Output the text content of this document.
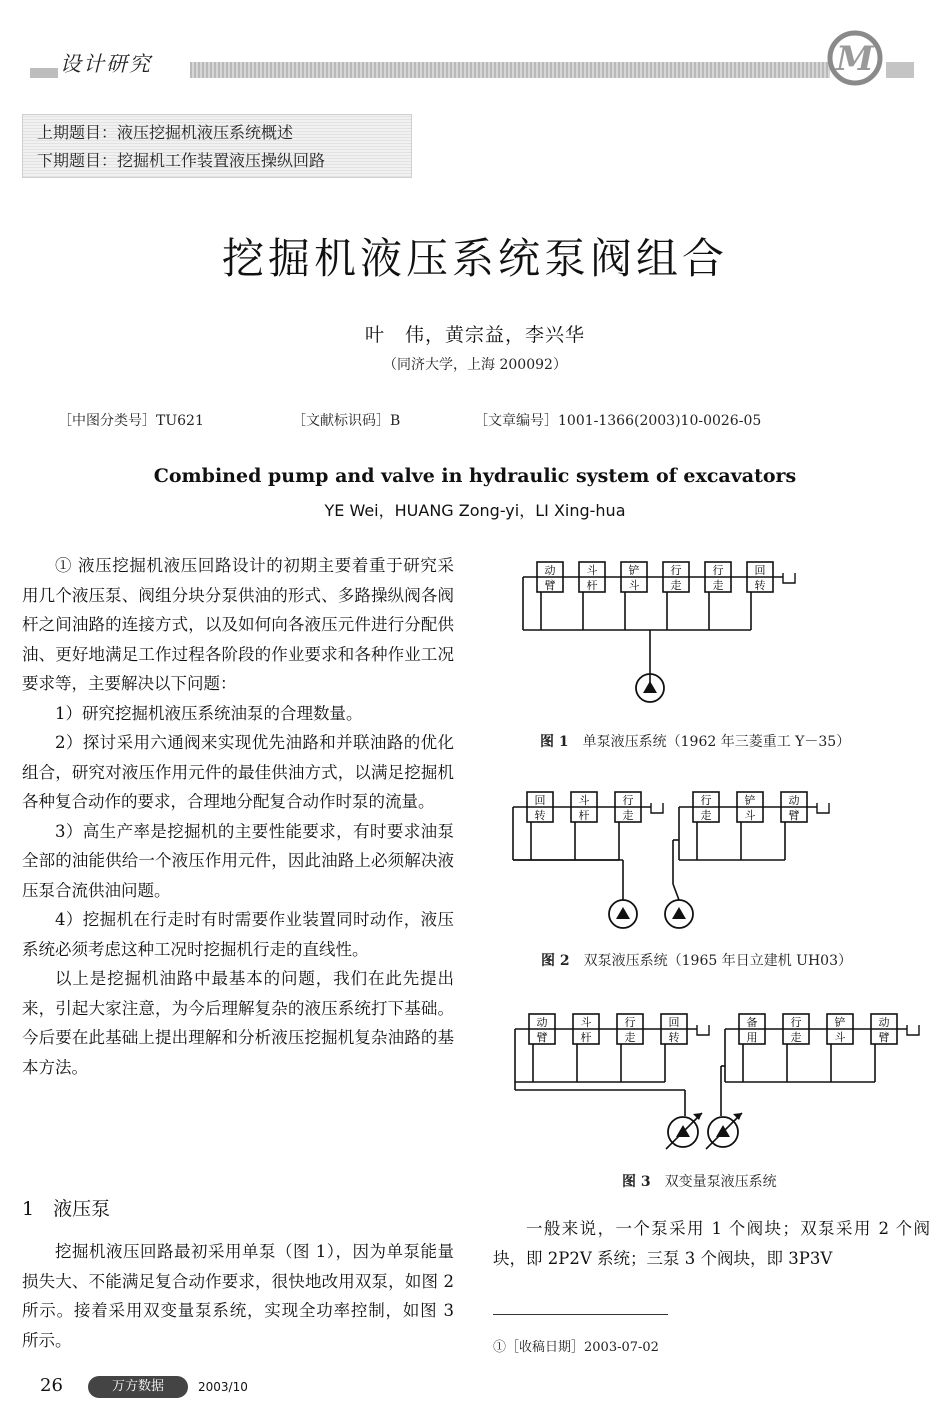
设计研究	M
上期题目：液压挖掘机液压系统概述
下期题目：挖掘机工作装置液压操纵回路
挖掘机液压系统泵阀组合
叶　伟，黄宗益，李兴华
（同济大学，上海 200092）
［中图分类号］TU621	［文献标识码］B	［文章编号］1001-1366(2003)10-0026-05
Combined pump and valve in hydraulic system of excavators
YE Wei，HUANG Zong-yi，LI Xing-hua

① 液压挖掘机液压回路设计的初期主要着重于研究采用几个液压泵、阀组分块分泵供油的形式、多路操纵阀各阀杆之间油路的连接方式，以及如何向各液压元件进行分配供油、更好地满足工作过程各阶段的作业要求和各种作业工况要求等，主要解决以下问题：

1）研究挖掘机液压系统油泵的合理数量。

2）探讨采用六通阀来实现优先油路和并联油路的优化组合，研究对液压作用元件的最佳供油方式，以满足挖掘机各种复合动作的要求，合理地分配复合动作时泵的流量。

3）高生产率是挖掘机的主要性能要求，有时要求油泵全部的油能供给一个液压作用元件，因此油路上必须解决液压泵合流供油问题。

4）挖掘机在行走时有时需要作业装置同时动作，液压系统必须考虑这种工况时挖掘机行走的直线性。

以上是挖掘机油路中最基本的问题，我们在此先提出来，引起大家注意，为今后理解复杂的液压系统打下基础。今后要在此基础上提出理解和分析液压挖掘机复杂油路的基本方法。

1　液压泵

挖掘机液压回路最初采用单泵（图 1），因为单泵能量损失大、不能满足复合动作要求，很快地改用双泵，如图 2 所示。接着采用双变量泵系统，实现全功率控制，如图 3 所示。

动
臂
斗
杆
铲
斗
行
走
行
走
回
转
图 1 单泵液压系统（1962 年三菱重工 Y－35）
回
转
斗
杆
行
走
行
走
铲
斗
动
臂
图 2 双泵液压系统（1965 年日立建机 UH03）
动
臂
斗
杆
行
走
回
转
备
用
行
走
铲
斗
动
臂
图 3 双变量泵液压系统

一般来说，一个泵采用 1 个阀块；双泵采用 2 个阀块，即 2P2V 系统；三泵 3 个阀块，即 3P3V

①［收稿日期］2003-07-02
26	万方数据	2003/10
